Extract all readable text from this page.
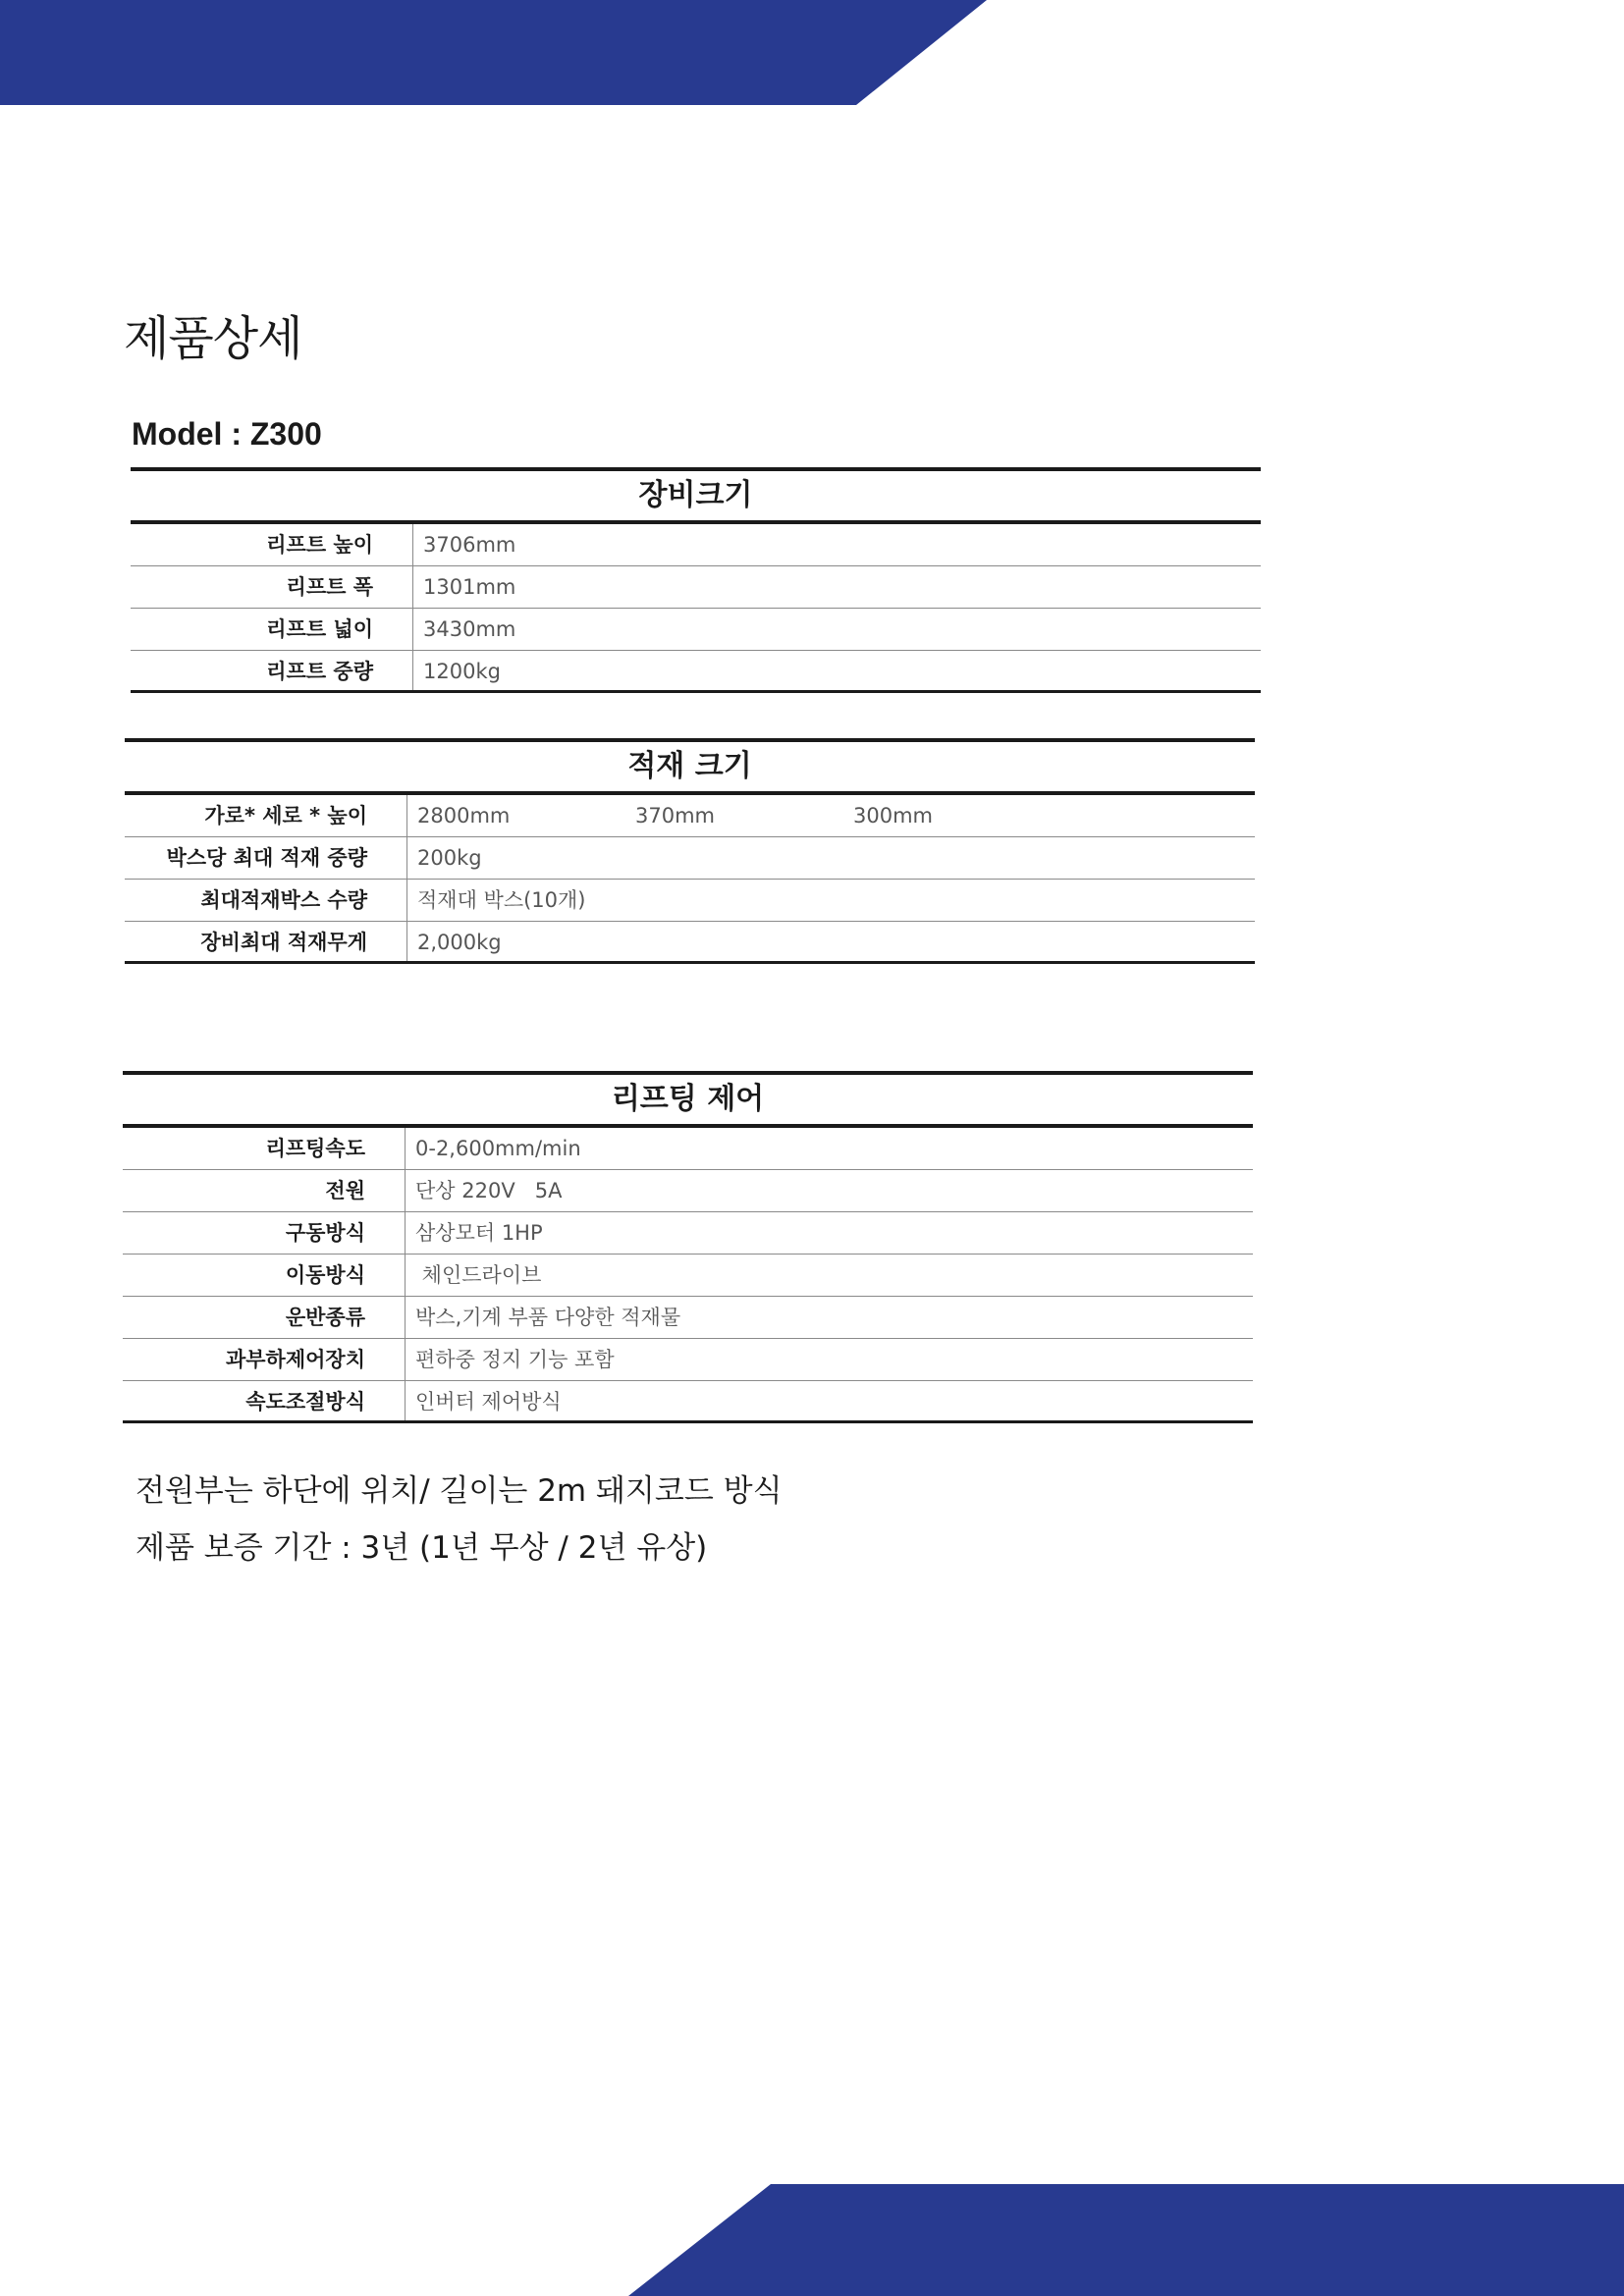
제품상세
Model : Z300
장비크기
리프트 높이	3706mm
리프트 폭	1301mm
리프트 넓이	3430mm
리프트 중량	1200kg
적재 크기
가로* 세로 * 높이	2800mm	370mm	300mm
박스당 최대 적재 중량	200kg
최대적재박스 수량	적재대 박스(10개)
장비최대 적재무게	2,000kg
리프팅 제어
리프팅속도	0-2,600mm/min
전원	단상 220V   5A
구동방식	삼상모터 1HP
이동방식	체인드라이브
운반종류	박스,기계 부품 다양한 적재물
과부하제어장치	편하중 정지 기능 포함
속도조절방식	인버터 제어방식
전원부는 하단에 위치/ 길이는 2m 돼지코드 방식
제품 보증 기간 : 3년 (1년 무상 / 2년 유상)
